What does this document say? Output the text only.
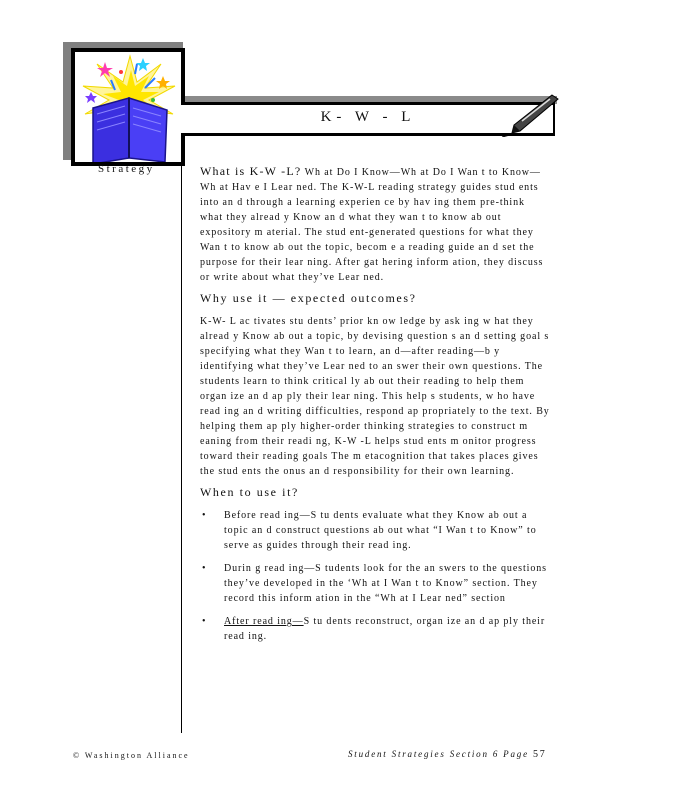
K- W - L
Strategy	What is K-W -L? Wh at Do I Know—Wh at Do I Wan t to Know—Wh at Hav e I Lear ned. The K-W-L reading strategy guides stud ents into an d through a learning experien ce by hav ing them pre-think what they alread y Know an d what they wan t to know ab out expository m aterial. The stud ent-generated questions for what they Wan t to know ab out the topic, becom e a reading guide an d set the purpose for their lear ning. After gat hering inform ation, they discuss or write about what they’ve Lear ned.

Why use it — expected outcomes?

K-W- L ac tivates stu dents’ prior kn ow ledge by ask ing w hat they alread y Know ab out a topic, by devising question s an d setting goal s specifying what they Wan t to learn, an d—after reading—b y identifying what they’ve Lear ned to an swer their own questions. The students learn to think critical ly ab out their reading to help them organ ize an d ap ply their lear ning. This help s students, w ho have read ing an d writing difficulties, respond ap propriately to the text. By helping them ap ply higher-order thinking strategies to construct m eaning from their readi ng, K-W -L helps stud ents m onitor progress toward their reading goals The m etacognition that takes places gives the stud ents the onus an d responsibility for their own learning.

When to use it?
• Before read ing—S tu dents evaluate what they Know ab out a topic an d construct questions ab out what “I Wan t to Know” to serve as guides through their read ing.
• Durin g read ing—S tudents look for the an swers to the questions they’ve developed in the ‘Wh at I Wan t to Know” section. They record this inform ation in the “Wh at I Lear ned” section
• After read ing—S tu dents reconstruct, organ ize an d ap ply their read ing.
© Washington Alliance	Student Strategies Section 6 Page 57
